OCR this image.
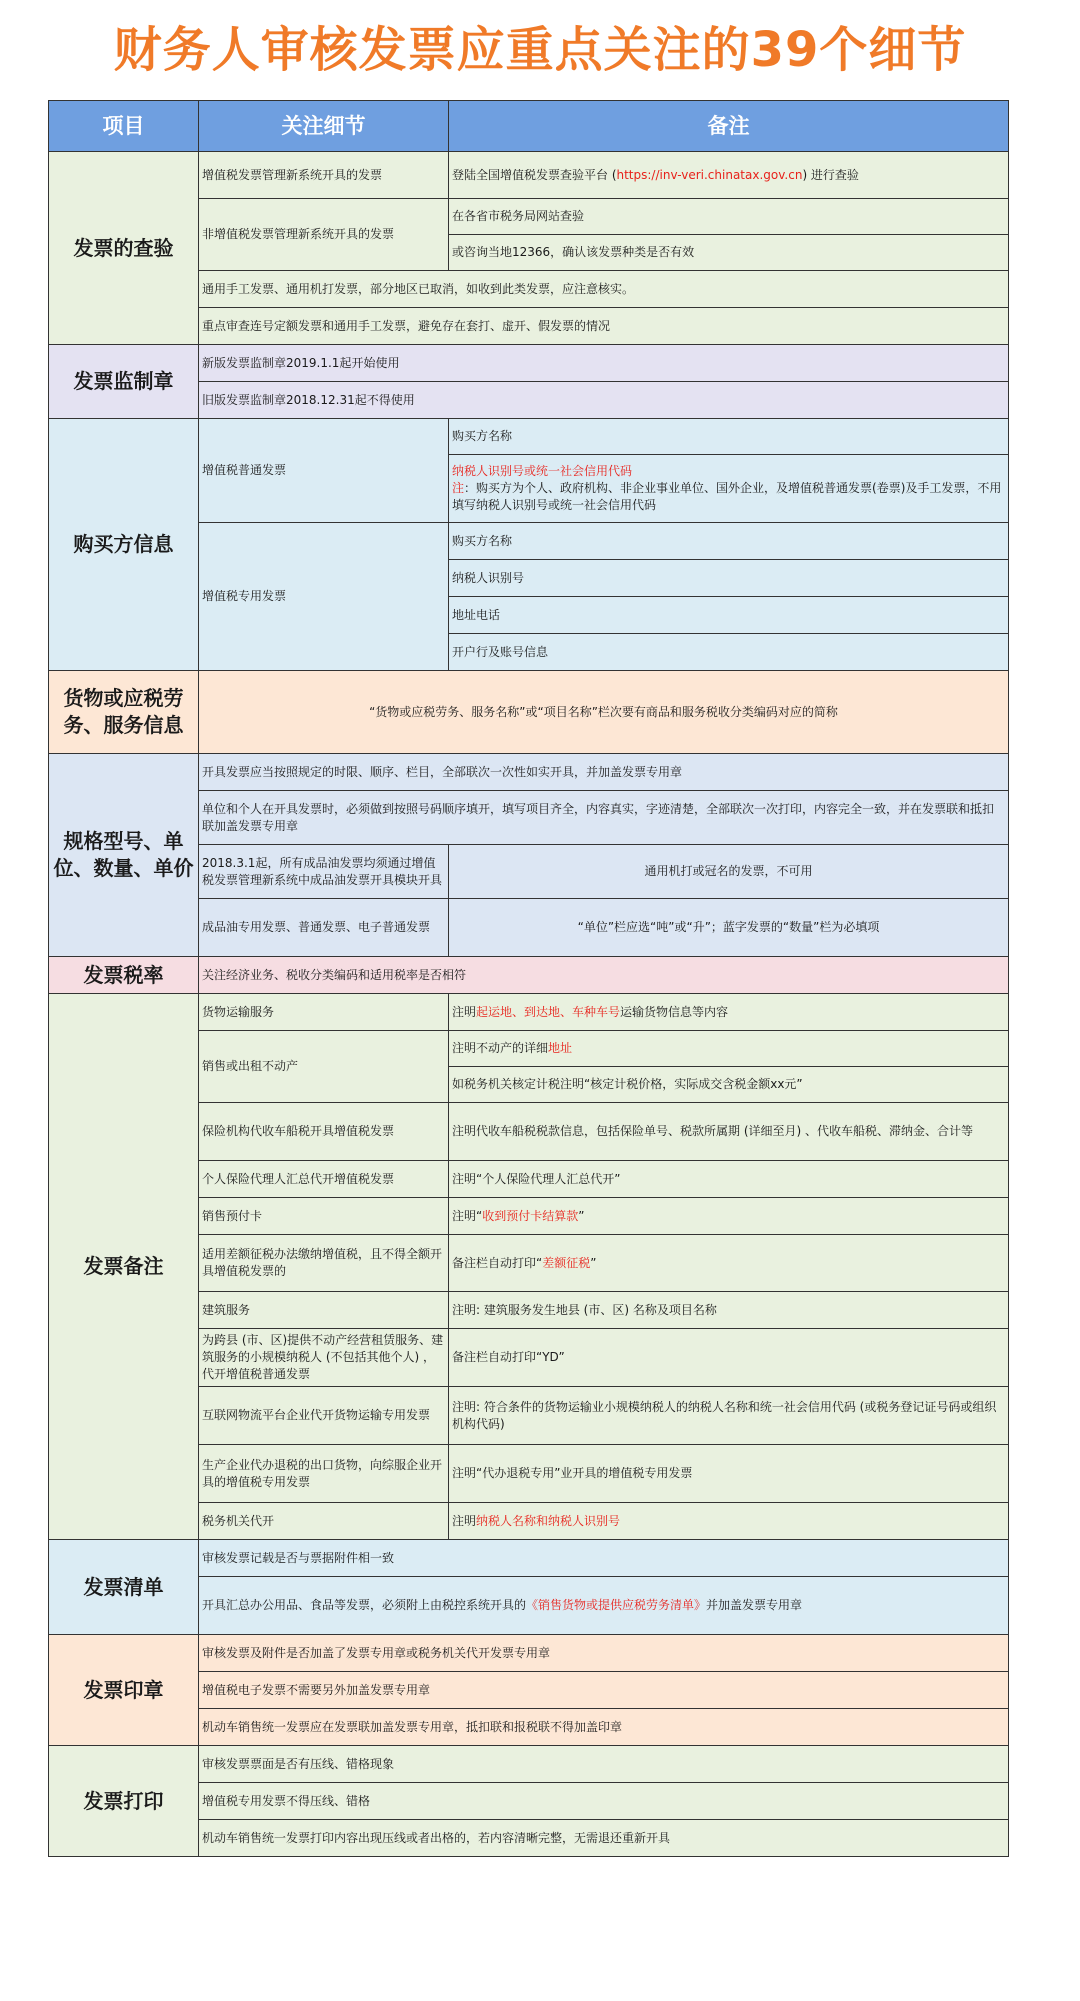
财务人审核发票应重点关注的39个细节
项目	关注细节	备注
发票的查验	增值税发票管理新系统开具的发票	登陆全国增值税发票查验平台 (https://inv-veri.chinatax.gov.cn) 进行查验
	非增值税发票管理新系统开具的发票	在各省市税务局网站查验
		或咨询当地12366，确认该发票种类是否有效
	通用手工发票、通用机打发票，部分地区已取消，如收到此类发票，应注意核实。	
	重点审查连号定额发票和通用手工发票，避免存在套打、虚开、假发票的情况	
发票监制章	新版发票监制章2019.1.1起开始使用	
	旧版发票监制章2018.12.31起不得使用	
购买方信息	增值税普通发票	购买方名称
		纳税人识别号或统一社会信用代码
注：购买方为个人、政府机构、非企业事业单位、国外企业，及增值税普通发票(卷票)及手工发票，不用填写纳税人识别号或统一社会信用代码
	增值税专用发票	购买方名称
		纳税人识别号
		地址电话
		开户行及账号信息
货物或应税劳务、服务信息	“货物或应税劳务、服务名称”或“项目名称”栏次要有商品和服务税收分类编码对应的简称	
规格型号、单位、数量、单价	开具发票应当按照规定的时限、顺序、栏目，全部联次一次性如实开具，并加盖发票专用章	
	单位和个人在开具发票时，必须做到按照号码顺序填开，填写项目齐全，内容真实，字迹清楚，全部联次一次打印，内容完全一致，并在发票联和抵扣联加盖发票专用章	
	2018.3.1起，所有成品油发票均须通过增值税发票管理新系统中成品油发票开具模块开具	通用机打或冠名的发票，不可用
	成品油专用发票、普通发票、电子普通发票	“单位”栏应选“吨”或“升”；蓝字发票的“数量”栏为必填项
发票税率	关注经济业务、税收分类编码和适用税率是否相符	
发票备注	货物运输服务	注明起运地、到达地、车种车号运输货物信息等内容
	销售或出租不动产	注明不动产的详细地址
		如税务机关核定计税注明“核定计税价格，实际成交含税金额xx元”
	保险机构代收车船税开具增值税发票	注明代收车船税税款信息，包括保险单号、税款所属期 (详细至月) 、代收车船税、滞纳金、合计等
	个人保险代理人汇总代开增值税发票	注明“个人保险代理人汇总代开”
	销售预付卡	注明“收到预付卡结算款”
	适用差额征税办法缴纳增值税，且不得全额开具增值税发票的	备注栏自动打印“差额征税”
	建筑服务	注明: 建筑服务发生地县 (市、区) 名称及项目名称
	为跨县 (市、区)提供不动产经营租赁服务、建筑服务的小规模纳税人 (不包括其他个人) ，代开增值税普通发票	备注栏自动打印“YD”
	互联网物流平台企业代开货物运输专用发票	注明: 符合条件的货物运输业小规模纳税人的纳税人名称和统一社会信用代码 (或税务登记证号码或组织机构代码)
	生产企业代办退税的出口货物，向综服企业开具的增值税专用发票	注明“代办退税专用”业开具的增值税专用发票
	税务机关代开	注明纳税人名称和纳税人识别号
发票清单	审核发票记载是否与票据附件相一致	
	开具汇总办公用品、食品等发票，必须附上由税控系统开具的《销售货物或提供应税劳务清单》并加盖发票专用章	
发票印章	审核发票及附件是否加盖了发票专用章或税务机关代开发票专用章	
	增值税电子发票不需要另外加盖发票专用章	
	机动车销售统一发票应在发票联加盖发票专用章，抵扣联和报税联不得加盖印章	
发票打印	审核发票票面是否有压线、错格现象	
	增值税专用发票不得压线、错格	
	机动车销售统一发票打印内容出现压线或者出格的，若内容清晰完整，无需退还重新开具	
